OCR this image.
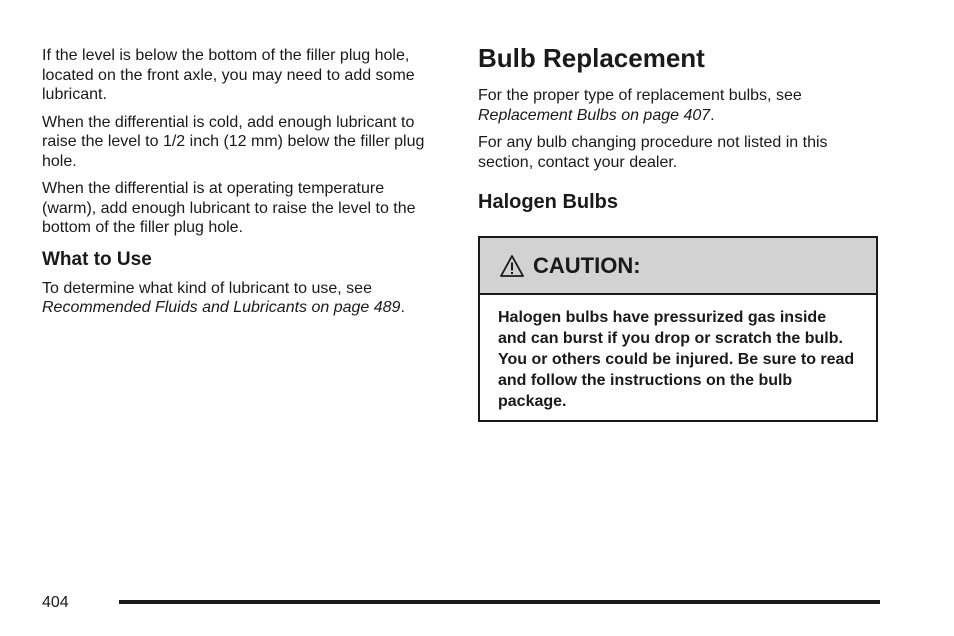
If the level is below the bottom of the filler plug hole, located on the front axle, you may need to add some lubricant.

When the differential is cold, add enough lubricant to raise the level to 1/2 inch (12 mm) below the filler plug hole.

When the differential is at operating temperature (warm), add enough lubricant to raise the level to the bottom of the filler plug hole.

What to Use

To determine what kind of lubricant to use, see
Recommended Fluids and Lubricants on page 489.

Bulb Replacement

For the proper type of replacement bulbs, see
Replacement Bulbs on page 407.

For any bulb changing procedure not listed in this section, contact your dealer.

Halogen Bulbs
CAUTION:
Halogen bulbs have pressurized gas inside and can burst if you drop or scratch the bulb. You or others could be injured. Be sure to read and follow the instructions on the bulb package.
404
